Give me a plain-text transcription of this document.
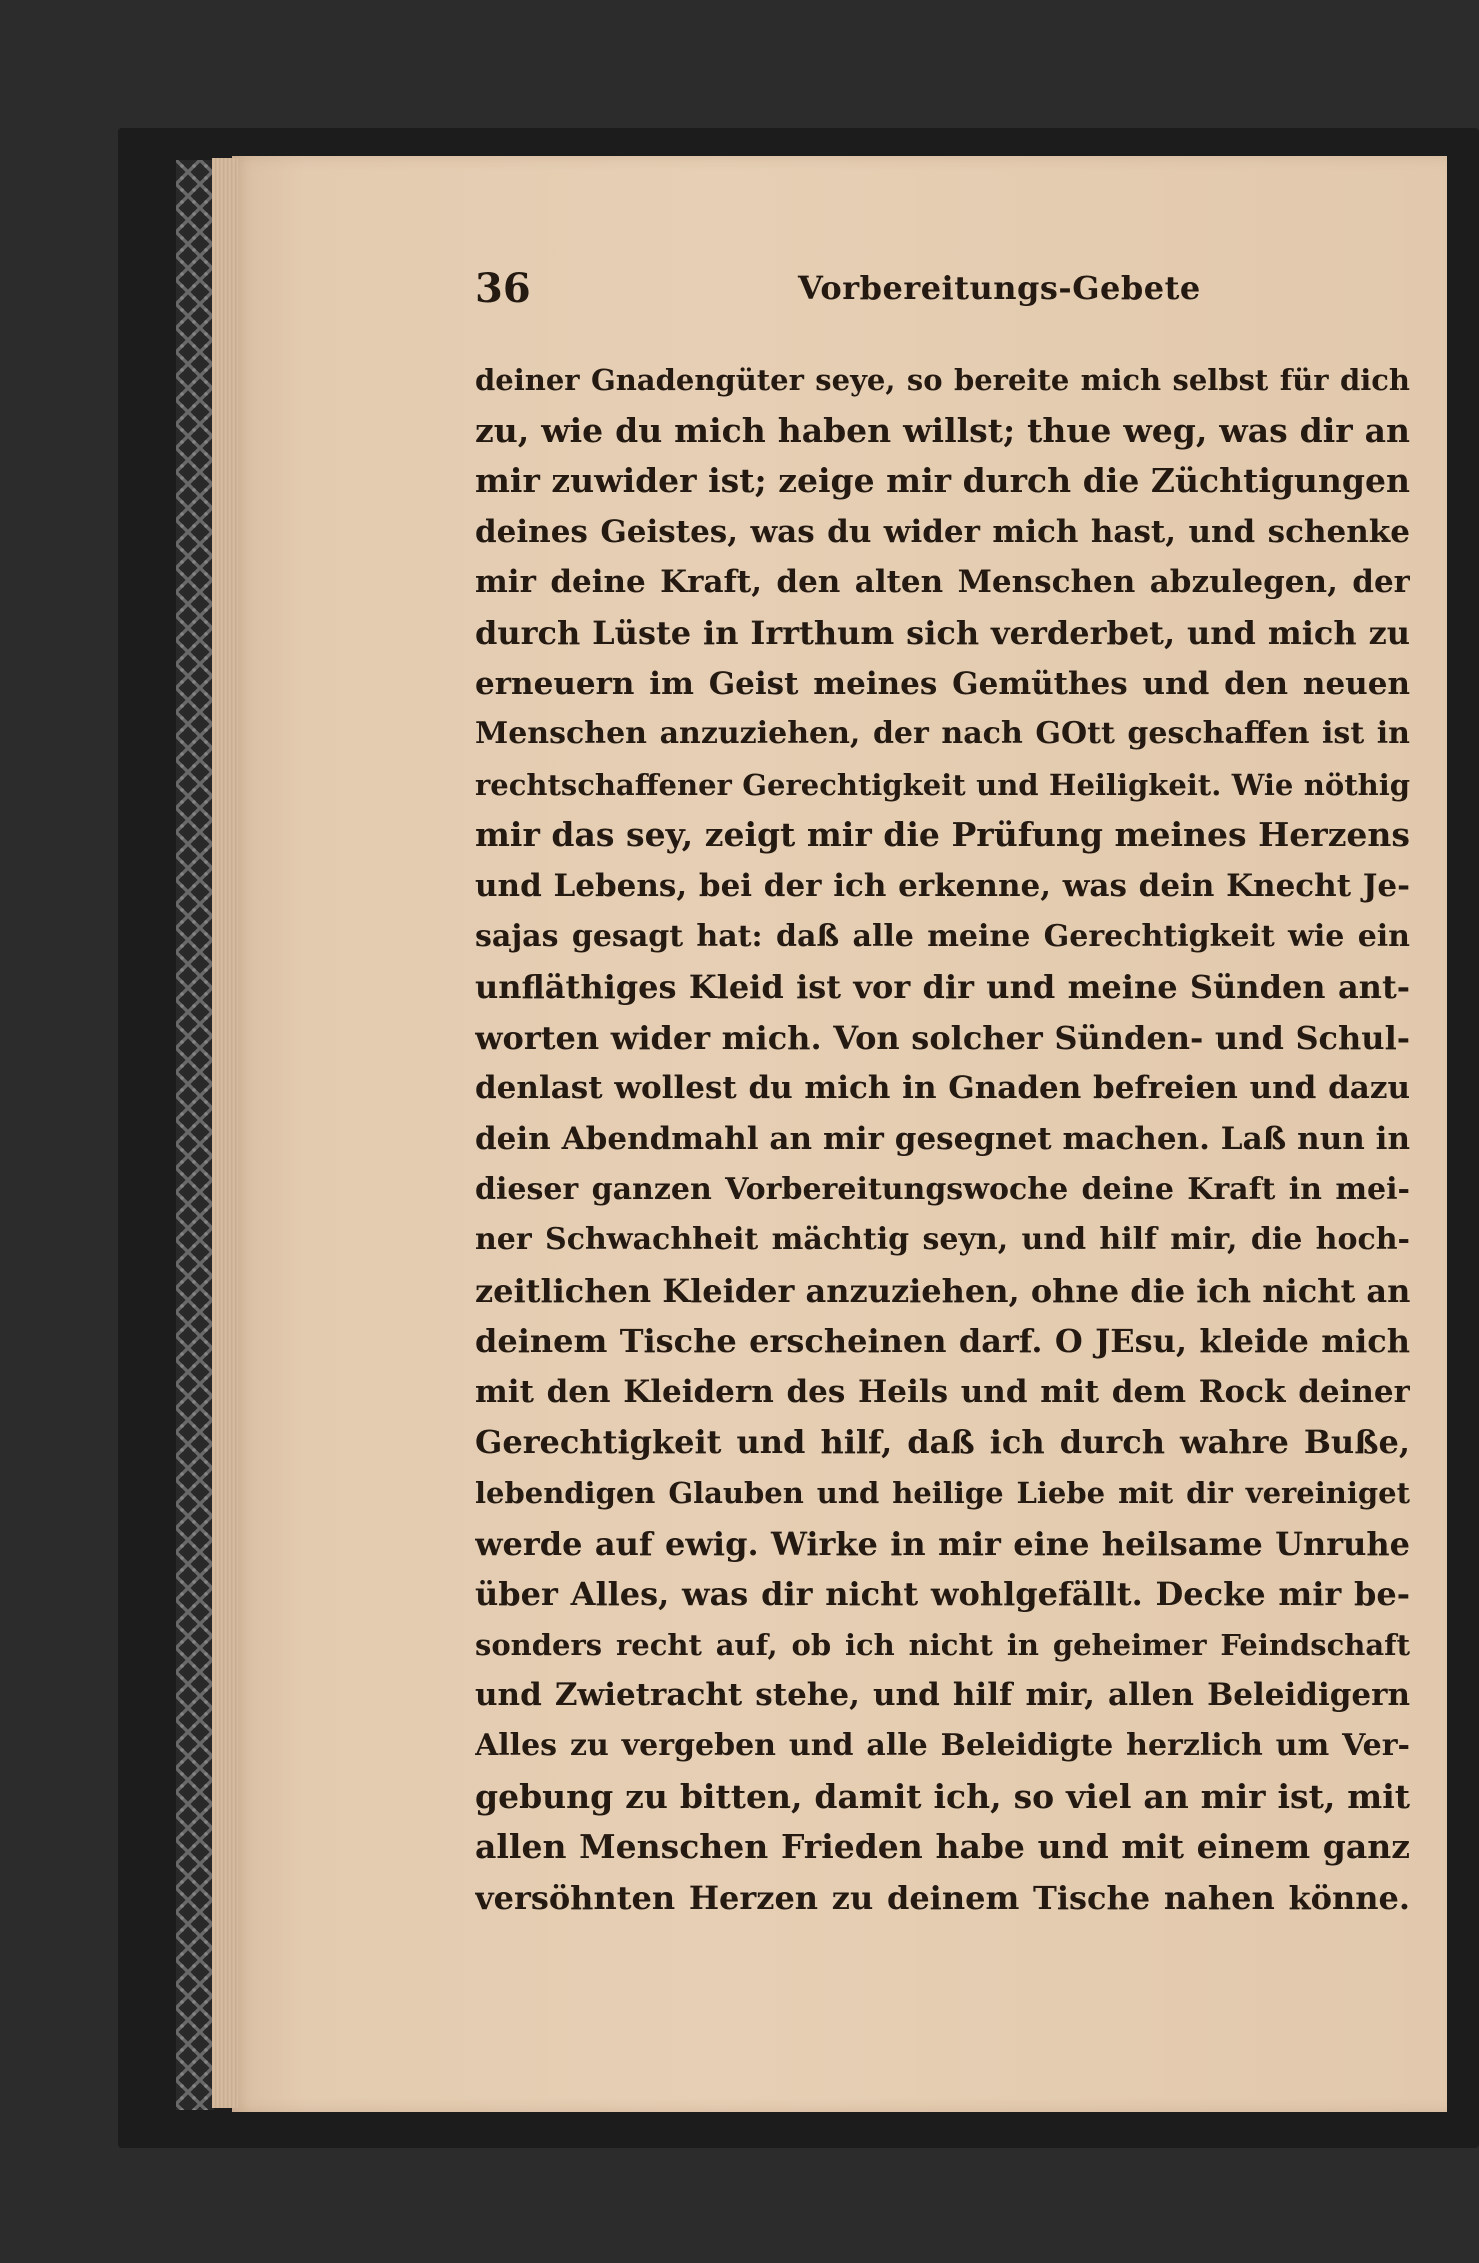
36	Vorbereitungs-Gebete
deiner Gnadengüter seye, so bereite mich selbst für dich
zu, wie du mich haben willst; thue weg, was dir an
mir zuwider ist; zeige mir durch die Züchtigungen
deines Geistes, was du wider mich hast, und schenke
mir deine Kraft, den alten Menschen abzulegen, der
durch Lüste in Irrthum sich verderbet, und mich zu
erneuern im Geist meines Gemüthes und den neuen
Menschen anzuziehen, der nach GOtt geschaffen ist in
rechtschaffener Gerechtigkeit und Heiligkeit. Wie nöthig
mir das sey, zeigt mir die Prüfung meines Herzens
und Lebens, bei der ich erkenne, was dein Knecht Je-
sajas gesagt hat: daß alle meine Gerechtigkeit wie ein
unfläthiges Kleid ist vor dir und meine Sünden ant-
worten wider mich. Von solcher Sünden- und Schul-
denlast wollest du mich in Gnaden befreien und dazu
dein Abendmahl an mir gesegnet machen. Laß nun in
dieser ganzen Vorbereitungswoche deine Kraft in mei-
ner Schwachheit mächtig seyn, und hilf mir, die hoch-
zeitlichen Kleider anzuziehen, ohne die ich nicht an
deinem Tische erscheinen darf. O JEsu, kleide mich
mit den Kleidern des Heils und mit dem Rock deiner
Gerechtigkeit und hilf, daß ich durch wahre Buße,
lebendigen Glauben und heilige Liebe mit dir vereiniget
werde auf ewig. Wirke in mir eine heilsame Unruhe
über Alles, was dir nicht wohlgefällt. Decke mir be-
sonders recht auf, ob ich nicht in geheimer Feindschaft
und Zwietracht stehe, und hilf mir, allen Beleidigern
Alles zu vergeben und alle Beleidigte herzlich um Ver-
gebung zu bitten, damit ich, so viel an mir ist, mit
allen Menschen Frieden habe und mit einem ganz
versöhnten Herzen zu deinem Tische nahen könne.
